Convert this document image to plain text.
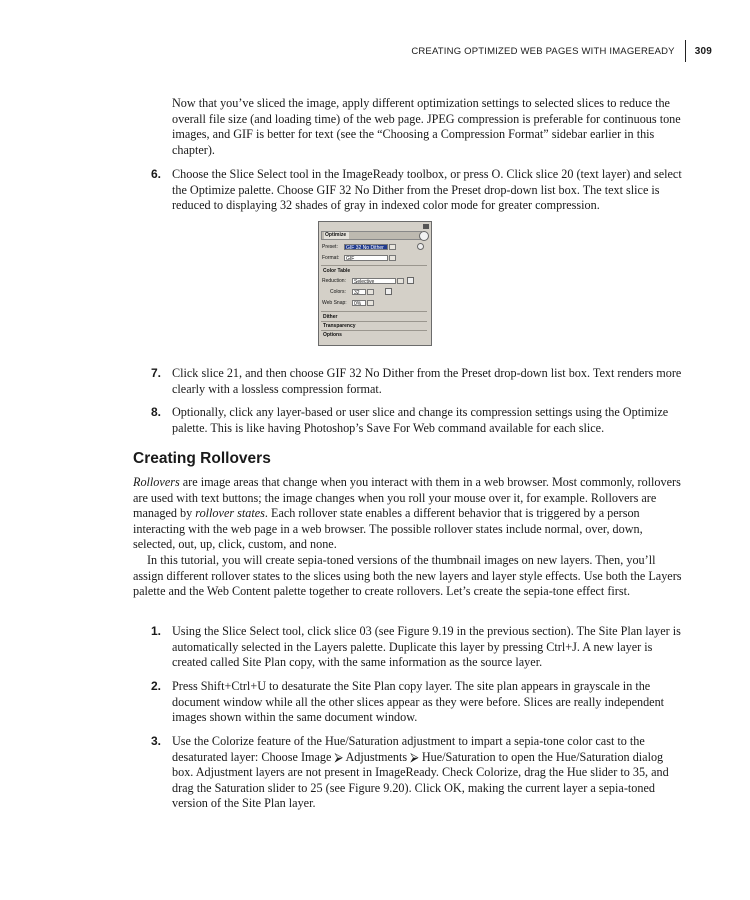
CREATING OPTIMIZED WEB PAGES WITH IMAGEREADY	309
Now that you’ve sliced the image, apply different optimization settings to selected slices to reduce the overall file size (and loading time) of the web page. JPEG compression is preferable for continuous tone images, and GIF is better for text (see the “Choosing a Compression Format” sidebar earlier in this chapter).
6. Choose the Slice Select tool in the ImageReady toolbox, or press O. Click slice 20 (text layer) and select the Optimize palette. Choose GIF 32 No Dither from the Preset drop-down list box. The text slice is reduced to displaying 32 shades of gray in indexed color mode for greater compression.
Optimize
Preset:	GIF 32 No Dither
Format:	GIF
Color Table
Reduction:	Selective
Colors:	32
Web Snap:	0%
Dither
Transparency
Options
7. Click slice 21, and then choose GIF 32 No Dither from the Preset drop-down list box. Text renders more clearly with a lossless compression format.
8. Optionally, click any layer-based or user slice and change its compression settings using the Optimize palette. This is like having Photoshop’s Save For Web command available for each slice.
Creating Rollovers
Rollovers are image areas that change when you interact with them in a web browser. Most commonly, rollovers are used with text buttons; the image changes when you roll your mouse over it, for example. Rollovers are managed by rollover states. Each rollover state enables a different behavior that is triggered by a person interacting with the web page in a web browser. The possible rollover states include normal, over, down, selected, out, up, click, custom, and none.
In this tutorial, you will create sepia-toned versions of the thumbnail images on new layers. Then, you’ll assign different rollover states to the slices using both the new layers and layer style effects. Use both the Layers palette and the Web Content palette together to create rollovers. Let’s create the sepia-tone effect first.
1. Using the Slice Select tool, click slice 03 (see Figure 9.19 in the previous section). The Site Plan layer is automatically selected in the Layers palette. Duplicate this layer by pressing Ctrl+J. A new layer is created called Site Plan copy, with the same information as the source layer.
2. Press Shift+Ctrl+U to desaturate the Site Plan copy layer. The site plan appears in grayscale in the document window while all the other slices appear as they were before. Slices are really independent images shown within the same document window.
3. Use the Colorize feature of the Hue/Saturation adjustment to impart a sepia-tone color cast to the desaturated layer: Choose Image ⮚ Adjustments ⮚ Hue/Saturation to open the Hue/Saturation dialog box. Adjustment layers are not present in ImageReady. Check Colorize, drag the Hue slider to 35, and drag the Saturation slider to 25 (see Figure 9.20). Click OK, making the current layer a sepia-toned version of the Site Plan layer.
